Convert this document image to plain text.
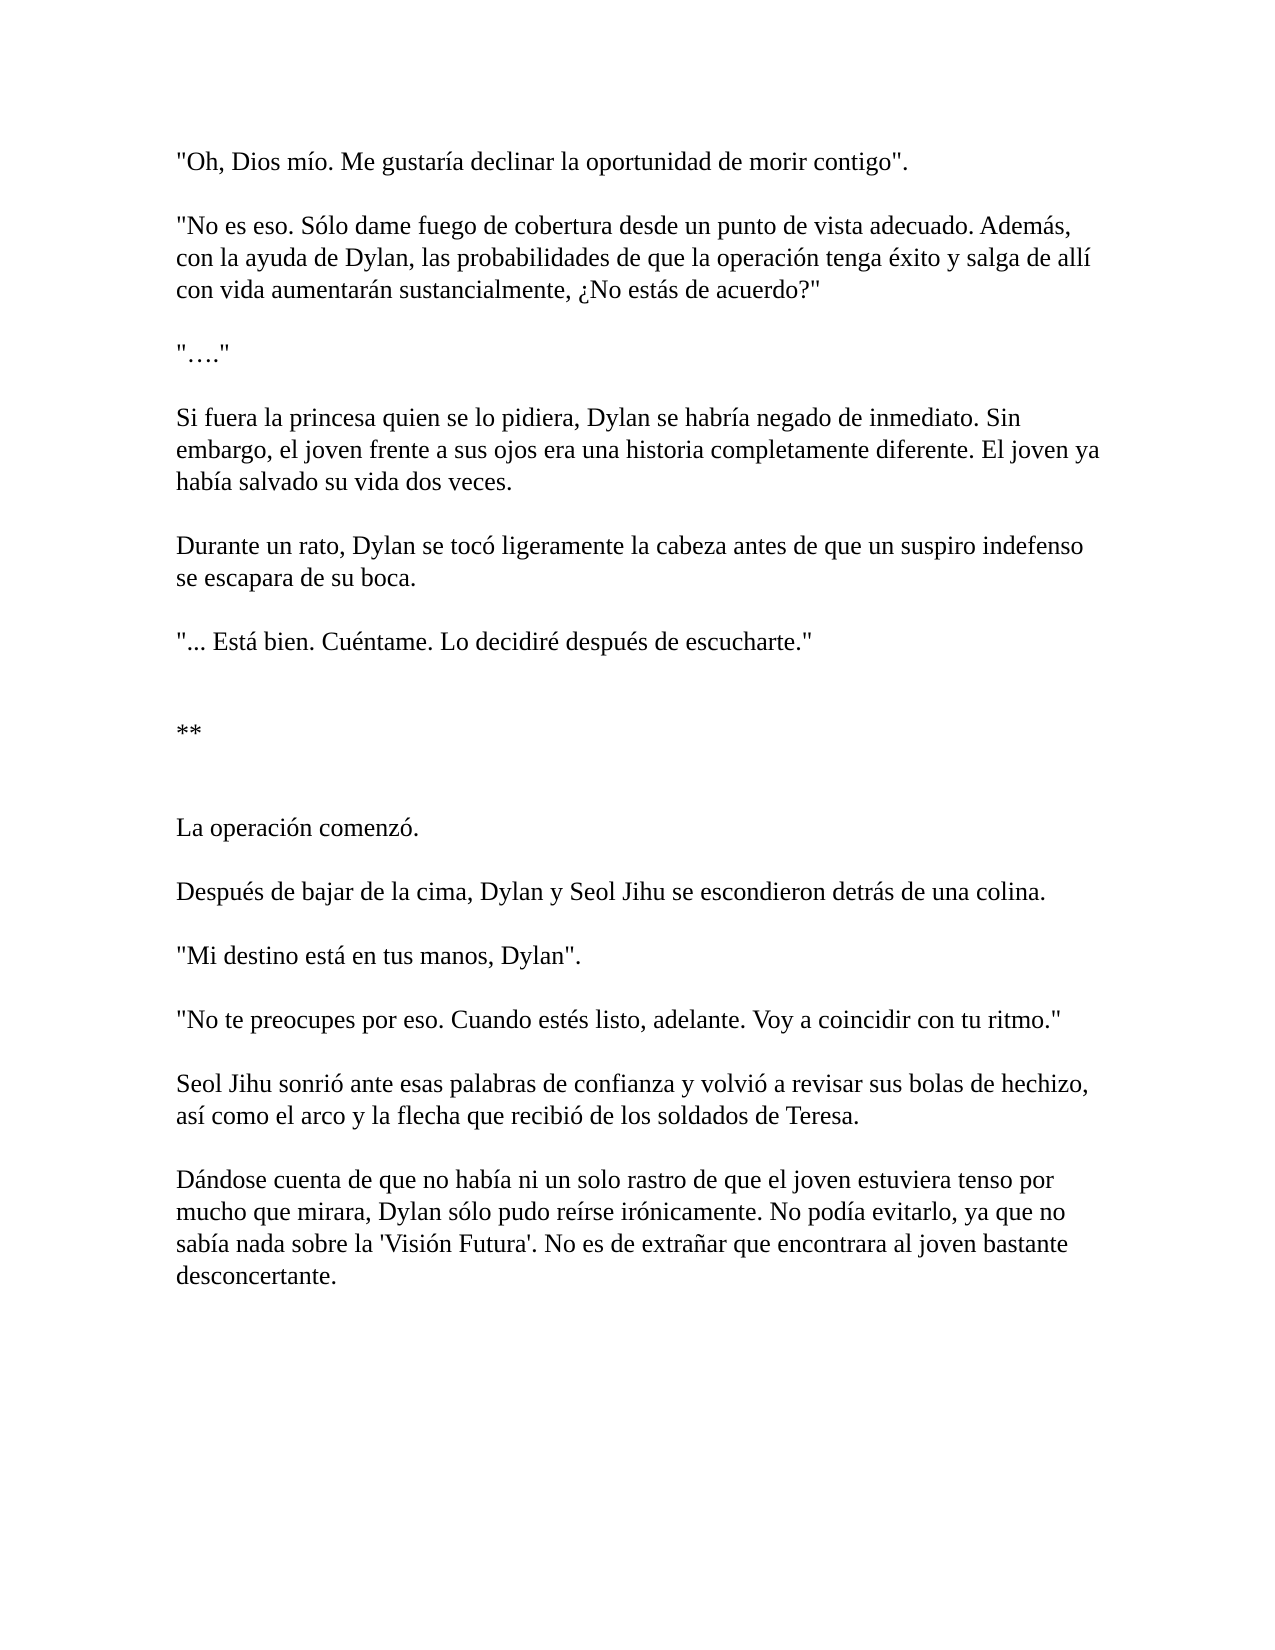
"Oh, Dios mío. Me gustaría declinar la oportunidad de morir contigo".

"No es eso. Sólo dame fuego de cobertura desde un punto de vista adecuado. Además, con la ayuda de Dylan, las probabilidades de que la operación tenga éxito y salga de allí con vida aumentarán sustancialmente, ¿No estás de acuerdo?"

"…."

Si fuera la princesa quien se lo pidiera, Dylan se habría negado de inmediato. Sin embargo, el joven frente a sus ojos era una historia completamente diferente. El joven ya había salvado su vida dos veces.

Durante un rato, Dylan se tocó ligeramente la cabeza antes de que un suspiro indefenso se escapara de su boca.

"... Está bien. Cuéntame. Lo decidiré después de escucharte."

**

La operación comenzó.

Después de bajar de la cima, Dylan y Seol Jihu se escondieron detrás de una colina.

"Mi destino está en tus manos, Dylan".

"No te preocupes por eso. Cuando estés listo, adelante. Voy a coincidir con tu ritmo."

Seol Jihu sonrió ante esas palabras de confianza y volvió a revisar sus bolas de hechizo, así como el arco y la flecha que recibió de los soldados de Teresa.

Dándose cuenta de que no había ni un solo rastro de que el joven estuviera tenso por mucho que mirara, Dylan sólo pudo reírse irónicamente. No podía evitarlo, ya que no sabía nada sobre la 'Visión Futura'. No es de extrañar que encontrara al joven bastante desconcertante.
